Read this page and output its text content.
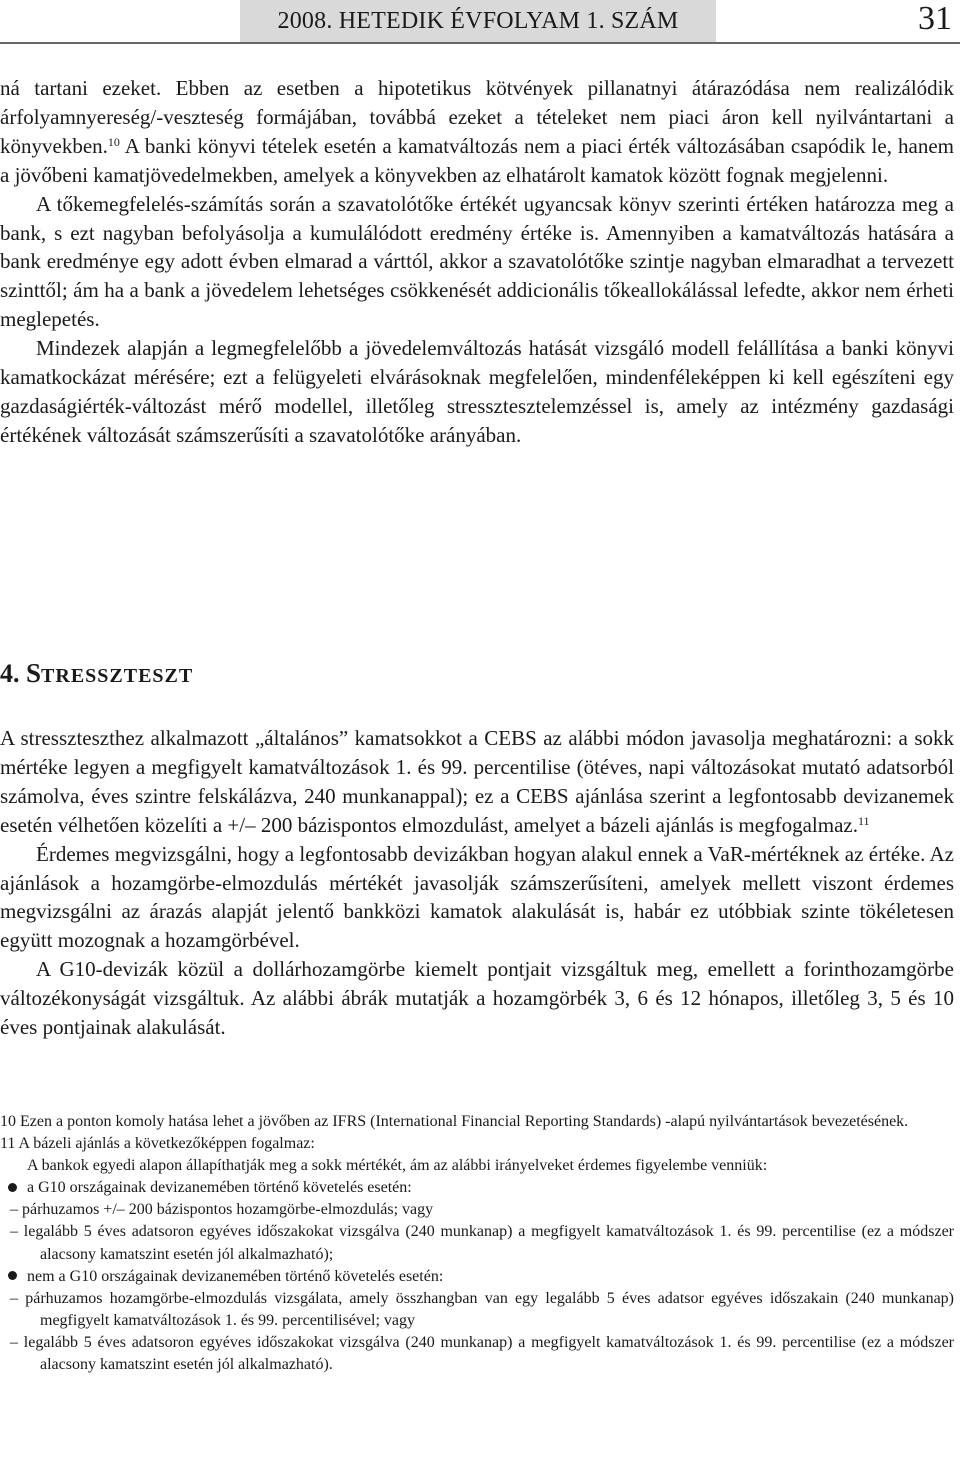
2008. HETEDIK ÉVFOLYAM 1. SZÁM	31

ná tartani ezeket. Ebben az esetben a hipotetikus kötvények pillanatnyi átárazódása nem realizálódik árfolyamnyereség/-veszteség formájában, továbbá ezeket a tételeket nem piaci áron kell nyilvántartani a könyvekben.$^{10}$ A banki könyvi tételek esetén a kamatváltozás nem a piaci érték változásában csapódik le, hanem a jövőbeni kamatjövedelmekben, amelyek a könyvekben az elhatárolt kamatok között fognak megjelenni.

A tőkemegfelelés-számítás során a szavatolótőke értékét ugyancsak könyv szerinti értéken határozza meg a bank, s ezt nagyban befolyásolja a kumulálódott eredmény értéke is. Amennyiben a kamatváltozás hatására a bank eredménye egy adott évben elmarad a várttól, akkor a szavatolótőke szintje nagyban elmaradhat a tervezett szinttől; ám ha a bank a jövedelem lehetséges csökkenését addicionális tőkeallokálással lefedte, akkor nem érheti meglepetés.

Mindezek alapján a legmegfelelőbb a jövedelemváltozás hatását vizsgáló modell felállítása a banki könyvi kamatkockázat mérésére; ezt a felügyeleti elvárásoknak megfelelően, mindenféleképpen ki kell egészíteni egy gazdaságiérték-változást mérő modellel, illetőleg stressztesztelemzéssel is, amely az intézmény gazdasági értékének változását számszerűsíti a szavatolótőke arányában.

4. STRESSZTESZT

A stresszteszthez alkalmazott „általános” kamatsokkot a CEBS az alábbi módon javasolja meghatározni: a sokk mértéke legyen a megfigyelt kamatváltozások 1. és 99. percentilise (ötéves, napi változásokat mutató adatsorból számolva, éves szintre felskálázva, 240 munkanappal); ez a CEBS ajánlása szerint a legfontosabb devizanemek esetén vélhetően közelíti a +/– 200 bázispontos elmozdulást, amelyet a bázeli ajánlás is megfogalmaz.$^{11}$

Érdemes megvizsgálni, hogy a legfontosabb devizákban hogyan alakul ennek a VaR-mértéknek az értéke. Az ajánlások a hozamgörbe-elmozdulás mértékét javasolják számszerűsíteni, amelyek mellett viszont érdemes megvizsgálni az árazás alapját jelentő bankközi kamatok alakulását is, habár ez utóbbiak szinte tökéletesen együtt mozognak a hozamgörbével.

A G10-devizák közül a dollárhozamgörbe kiemelt pontjait vizsgáltuk meg, emellett a forinthozamgörbe változékonyságát vizsgáltuk. Az alábbi ábrák mutatják a hozamgörbék 3, 6 és 12 hónapos, illetőleg 3, 5 és 10 éves pontjainak alakulását.

10 Ezen a ponton komoly hatása lehet a jövőben az IFRS (International Financial Reporting Standards) -alapú nyilvántartások bevezetésének.

11 A bázeli ajánlás a következőképpen fogalmaz:

A bankok egyedi alapon állapíthatják meg a sokk mértékét, ám az alábbi irányelveket érdemes figyelembe venniük:

a G10 országainak devizanemében történő követelés esetén:

– párhuzamos +/– 200 bázispontos hozamgörbe-elmozdulás; vagy

– legalább 5 éves adatsoron egyéves időszakokat vizsgálva (240 munkanap) a megfigyelt kamatváltozások 1. és 99. percentilise (ez a módszer alacsony kamatszint esetén jól alkalmazható);

nem a G10 országainak devizanemében történő követelés esetén:

– párhuzamos hozamgörbe-elmozdulás vizsgálata, amely összhangban van egy legalább 5 éves adatsor egyéves időszakain (240 munkanap) megfigyelt kamatváltozások 1. és 99. percentilisével; vagy

– legalább 5 éves adatsoron egyéves időszakokat vizsgálva (240 munkanap) a megfigyelt kamatváltozások 1. és 99. percentilise (ez a módszer alacsony kamatszint esetén jól alkalmazható).
